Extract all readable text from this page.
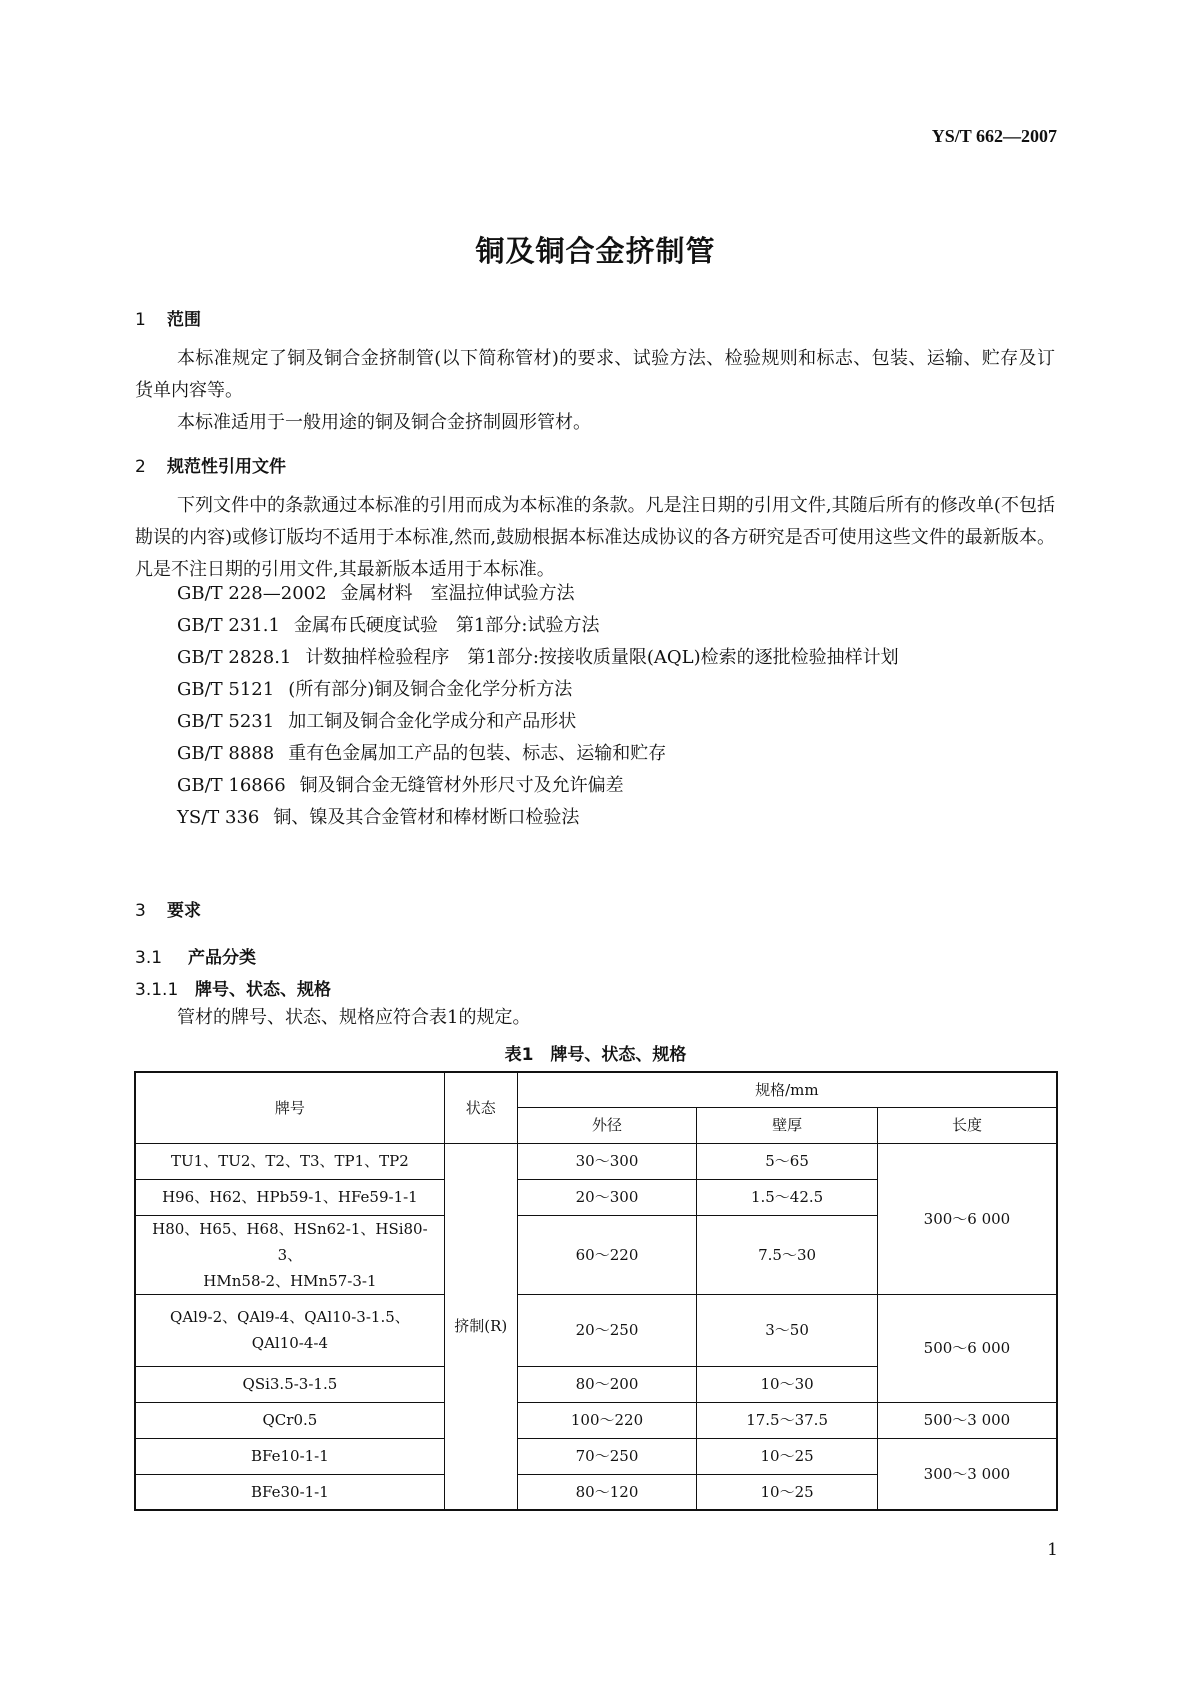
YS/T 662—2007
铜及铜合金挤制管
1 范围

本标准规定了铜及铜合金挤制管(以下简称管材)的要求、试验方法、检验规则和标志、包装、运输、贮存及订货单内容等。

本标准适用于一般用途的铜及铜合金挤制圆形管材。

2 规范性引用文件

下列文件中的条款通过本标准的引用而成为本标准的条款。凡是注日期的引用文件,其随后所有的修改单(不包括勘误的内容)或修订版均不适用于本标准,然而,鼓励根据本标准达成协议的各方研究是否可使用这些文件的最新版本。凡是不注日期的引用文件,其最新版本适用于本标准。

GB/T 228—2002 金属材料　室温拉伸试验方法
GB/T 231.1 金属布氏硬度试验　第1部分:试验方法
GB/T 2828.1 计数抽样检验程序　第1部分:按接收质量限(AQL)检索的逐批检验抽样计划
GB/T 5121 (所有部分)铜及铜合金化学分析方法
GB/T 5231 加工铜及铜合金化学成分和产品形状
GB/T 8888 重有色金属加工产品的包装、标志、运输和贮存
GB/T 16866 铜及铜合金无缝管材外形尺寸及允许偏差
YS/T 336 铜、镍及其合金管材和棒材断口检验法
3 要求
3.1 产品分类
3.1.1 牌号、状态、规格

管材的牌号、状态、规格应符合表1的规定。

表1　牌号、状态、规格
牌号	状态	规格/mm		
		外径	壁厚	长度
TU1、TU2、T2、T3、TP1、TP2	挤制(R)	30～300	5～65	300～6 000
H96、H62、HPb59-1、HFe59-1-1		20～300	1.5～42.5	

H80、H65、H68、HSn62-1、HSi80-3、
HMn58-2、HMn57-3-1		60～220	7.5～30	

QAl9-2、QAl9-4、QAl10-3-1.5、
QAl10-4-4		20～250	3～50	500～6 000
QSi3.5-3-1.5		80～200	10～30	
QCr0.5		100～220	17.5～37.5	500～3 000
BFe10-1-1		70～250	10～25	300～3 000
BFe30-1-1		80～120	10～25	
1
